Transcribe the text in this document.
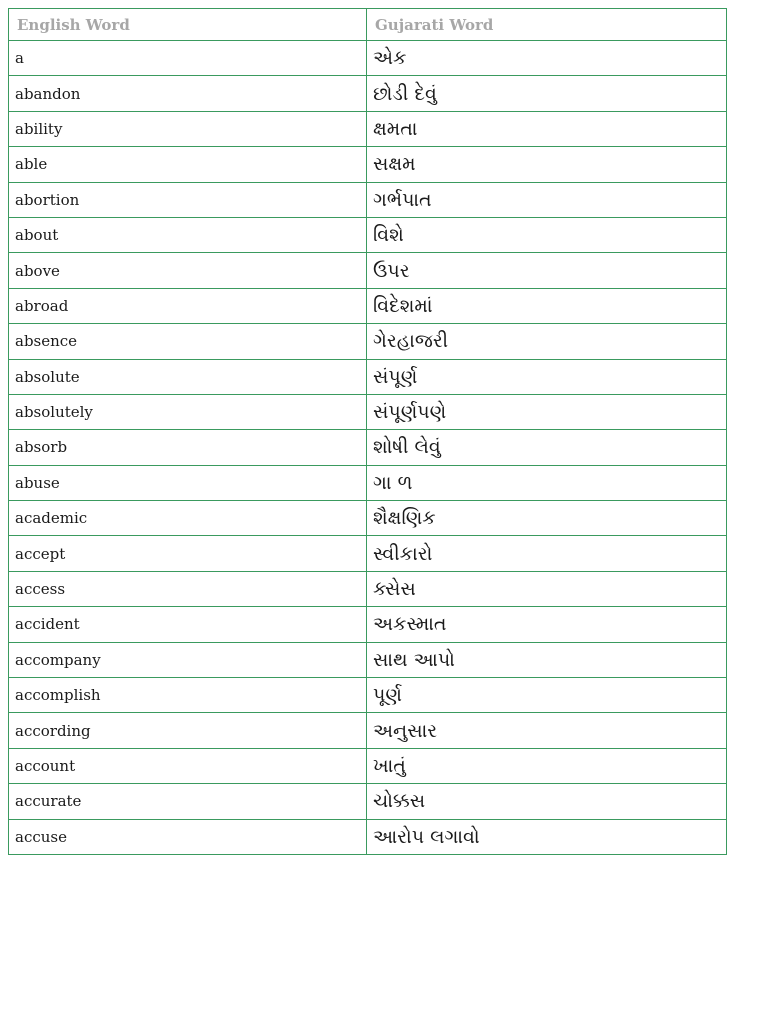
English Word	Gujarati Word
a	એક
abandon	છોડી દેવું
ability	ક્ષમતા
able	સક્ષમ
abortion	ગર્ભપાત
about	વિશે
above	ઉપર
abroad	વિદેશમાં
absence	ગેરહાજરી
absolute	સંપૂર્ણ
absolutely	સંપૂર્ણપણે
absorb	શોષી લેવું
abuse	ગા ળ
academic	શૈક્ષણિક
accept	સ્વીકારો
access	ક્સેસ
accident	અકસ્માત
accompany	સાથ આપો
accomplish	પૂર્ણ
according	અનુસાર
account	ખાતું
accurate	ચોક્કસ
accuse	આરોપ લગાવો
